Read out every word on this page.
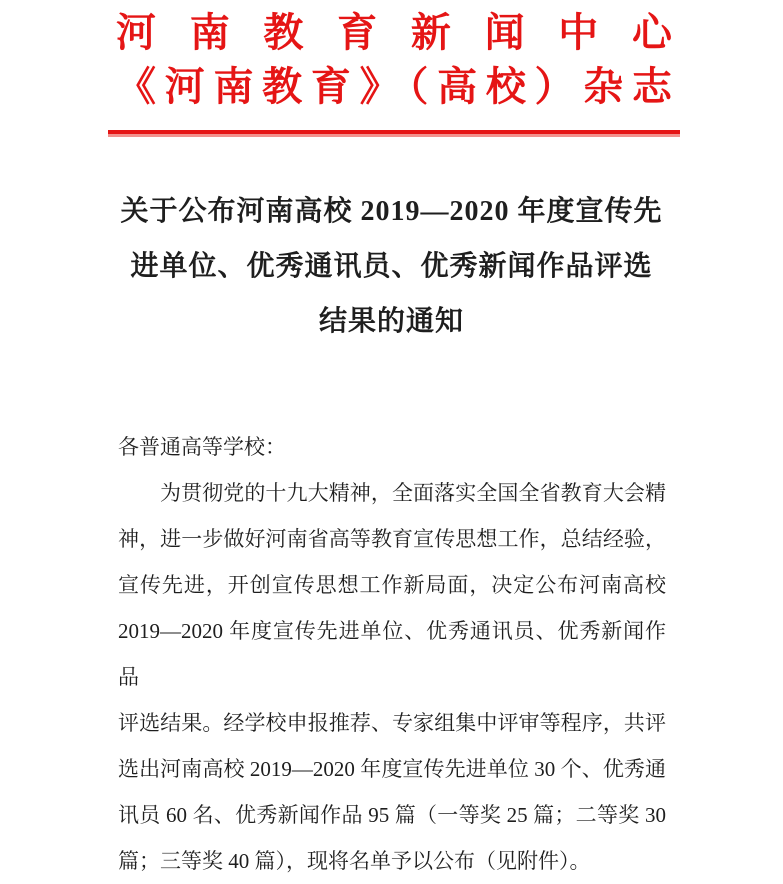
河南教育新闻中心
《河南教育》（高校）杂志
关于公布河南高校 2019—2020 年度宣传先
进单位、优秀通讯员、优秀新闻作品评选
结果的通知
各普通高等学校：
为贯彻党的十九大精神，全面落实全国全省教育大会精
神，进一步做好河南省高等教育宣传思想工作，总结经验，
宣传先进，开创宣传思想工作新局面，决定公布河南高校
2019—2020 年度宣传先进单位、优秀通讯员、优秀新闻作品
评选结果。经学校申报推荐、专家组集中评审等程序，共评
选出河南高校 2019—2020 年度宣传先进单位 30 个、优秀通
讯员 60 名、优秀新闻作品 95 篇（一等奖 25 篇；二等奖 30
篇；三等奖 40 篇），现将名单予以公布（见附件）。
